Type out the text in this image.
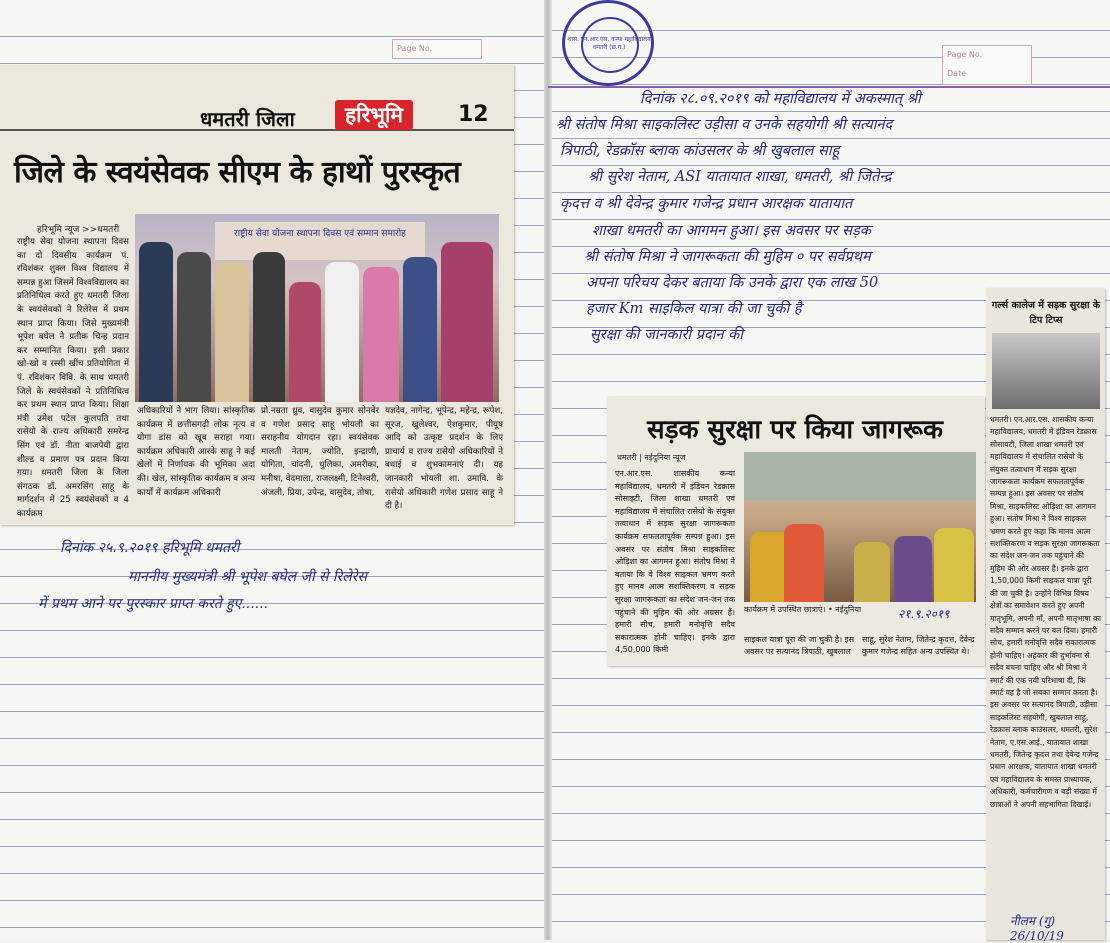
Page No.
धमतरी जिला	हरिभूमि	12
जिले के स्वयंसेवक सीएम के हाथों पुरस्कृत
हरिभूमि न्यूज >>धमतरी	राष्ट्रीय सेवा योजना स्थापना दिवस एवं सम्मान समारोह
राष्ट्रीय सेवा योजना स्थापना दिवस का दो दिवसीय कार्यक्रम पं. रविशंकर शुक्ल विश्व विद्यालय में सम्पन्न हुआ जिसमें विश्वविद्यालय का प्रतिनिधित्व करते हुए धमतरी जिला के स्वयंसेवकों ने रिलेरेस में प्रथम स्थान प्राप्त किया। जिसे मुख्यमंत्री भूपेश बघेल ने प्रतीक चिन्ह प्रदान कर सम्मानित किया। इसी प्रकार खो-खो व रस्सी खींच प्रतियोगिता में पं. रविशंकर विवि. के साथ धमतरी जिले के स्वयंसेवकों ने प्रतिनिधित्व कर प्रथम स्थान प्राप्त किया। शिक्षा मंत्री उमेश पटेल कुलपति तथा रासेयो के राज्य अधिकारी समरेन्द्र सिंग एवं डॉ. नीता बाजपेयी द्वारा शील्ड व प्रमाण पत्र प्रदान किया गया। धमतरी जिला के जिला संगठक डॉ. अमरसिंग साहू के मार्गदर्शन में 25 स्वयंसेवकों व 4 कार्यक्रम
अधिकारियों ने भाग लिया। सांस्कृतिक कार्यक्रम में छत्तीसगढ़ी लोक नृत्य व योगा डांस को खूब सराहा गया। कार्यक्रम अधिकारी आरके साहू ने कई खेलों में निर्णायक की भूमिका अदा की। खेल, सांस्कृतिक कार्यक्रम व अन्य कार्यों में कार्यक्रम अधिकारी
प्रो.नम्रता ध्रुव, वासुदेव कुमार सोनबेर व गणेश प्रसाद साहू भोयली का सराहनीय योगदान रहा। स्वयंसेवक मालती नेताम, ज्योति, इन्द्राणी, योगिता, चांदनी, धुलिका, अमरीका, मनीषा, वेदमाला, राजलक्ष्मी, टिनेश्वरी, अंजली, प्रिया, उपेन्द्र, वासुदेव, तोषा,
यज्ञदेव, नागेन्द्र, भूपेन्द्र, महेन्द्र, रूपेश, सूरज, खुलेश्वर, ऐशकुमार, पीयूष आदि को उत्कृष्ट प्रदर्शन के लिए प्राचार्य व राज्य रासेयो अधिकारियों ने बधाई व शुभकामनाएं दी। यह जानकारी भोयली शा. उमावि. के रासेयो अधिकारी गणेश प्रसाद साहू ने दी है।
दिनांक २५.९.२०१९ हरिभूमि धमतरी
माननीय मुख्यमंत्री श्री भूपेश बघेल जी से रिलेरेस
में प्रथम आने पर पुरस्कार प्राप्त करते हुए......
शास. एन.आर.एस. कन्या महाविद्यालय धमतरी (छ.ग.)
Page No.
Date
दिनांक २८.०९.२०१९ को महाविद्यालय में अकस्मात् श्री
श्री संतोष मिश्रा साइकलिस्ट उड़ीसा व उनके सहयोगी श्री सत्यानंद
त्रिपाठी, रेडक्रॉस ब्लाक कांउसलर के श्री खुबलाल साहू
श्री सुरेश नेताम, ASI यातायात शाखा, धमतरी, श्री जितेन्द्र
कृदत्त व श्री देवेन्द्र कुमार गजेन्द्र प्रधान आरक्षक यातायात
शाखा धमतरी का आगमन हुआ। इस अवसर पर सड़क
श्री संतोष मिश्रा ने जागरूकता की मुहिम ० पर सर्वप्रथम
अपना परिचय देकर बताया कि उनके द्वारा एक लाख 50
हजार Km साइकिल यात्रा की जा चुकी है
सुरक्षा की जानकारी प्रदान की
सड़क सुरक्षा पर किया जागरूक
धमतरी | नईदुनिया न्यूज
एन.आर.एस. शासकीय कन्या महाविद्यालय, धमतरी में इंडियन रेडक्रास सोसाइटी, जिला शाखा धमतरी एवं महाविद्यालय में संचालित रासेयो के संयुक्त तत्वाधान में सड़क सुरक्षा जागरूकता कार्यक्रम सफलतापूर्वक सम्पन्न हुआ। इस अवसर पर संतोष मिश्रा साइकलिस्ट ओड़िशा का आगमन हुआ। संतोष मिश्रा ने बताया कि वे विश्व साइकल भ्रमण करते हुए मानव आत्म सशक्तिकरण व सड़क सुरक्षा जागरूकता का संदेश जन-जन तक पहुंचाने की मुहिम की ओर अग्रसर हैं। हमारी सोच, हमारी मनोवृत्ति सदैव सकारात्मक होनी चाहिए। इनके द्वारा 4,50,000 किमी
कार्यक्रम में उपस्थित छात्राएं। • नईदुनिया	२१.९.२०१९
साइकल यात्रा पूरा की जा चुकी है। इस अवसर पर सत्यानंद त्रिपाठी, खुबलाल
साहू, सुरेश नेताम, जितेन्द्र कृदत्त, देवेन्द्र कुमार गजेन्द्र सहित अन्य उपस्थित थे।
गर्ल्स कालेज में सड़क सुरक्षा के टिप टिप्स
धमतरी। एन.आर.एस. शासकीय कन्या महाविद्यालय, धमतरी में इंडियन रेडक्रास सोसायटी, जिला शाखा धमतरी एवं महाविद्यालय में संचालित रासेयो के संयुक्त तत्वाधान में सड़क सुरक्षा जागरूकता कार्यक्रम सफलतापूर्वक सम्पन्न हुआ। इस अवसर पर संतोष मिश्रा, साइकलिस्ट ओड़िशा का आगमन हुआ। संतोष मिश्रा ने विश्व साइकल भ्रमण करते हुए कहा कि मानव आत्म सशक्तिकरण व सड़क सुरक्षा जागरूकता का संदेश जन-जन तक पहुंचाने की मुहिम की ओर अग्रसर है। इनके द्वारा 1,50,000 किमी साइकल यात्रा पूरी की जा चुकी है। उन्होंने विभिन्न विषय क्षेत्रों का समावेशन करते हुए अपनी मातृभूमि, अपनी माँ, अपनी मातृभाषा का सदैव सम्मान करने पर बल दिया। हमारी सोच, हमारी मनोवृत्ति सदैव सकारात्मक होनी चाहिए। अहंकार की दुर्भावना से सदैव बचना चाहिए और श्री मिश्रा ने स्मार्ट की एक नयी परिभाषा दी, कि स्मार्ट वह है जो सबका सम्मान करता है। इस अवसर पर सत्यानंद त्रिपाठी, उड़ीसा साइकलिस्ट सहयोगी, खुबलाल साहू, रेडक्रास ब्लाक काउंसलर, धमतरी, सुरेश नेताम, ए.एस.आई., यातायात शाखा धमतरी, जितेन्द्र कृदत्त तथा देवेन्द्र गजेन्द्र प्रधान आरक्षक, यातायात शाखा धमतरी एवं महाविद्यालय के समस्त प्राध्यापक, अधिकारी, कर्मचारीगण व बड़ी संख्या में छात्राओं ने अपनी सहभागिता दिखाई।
नीलम (गु) 26/10/19
